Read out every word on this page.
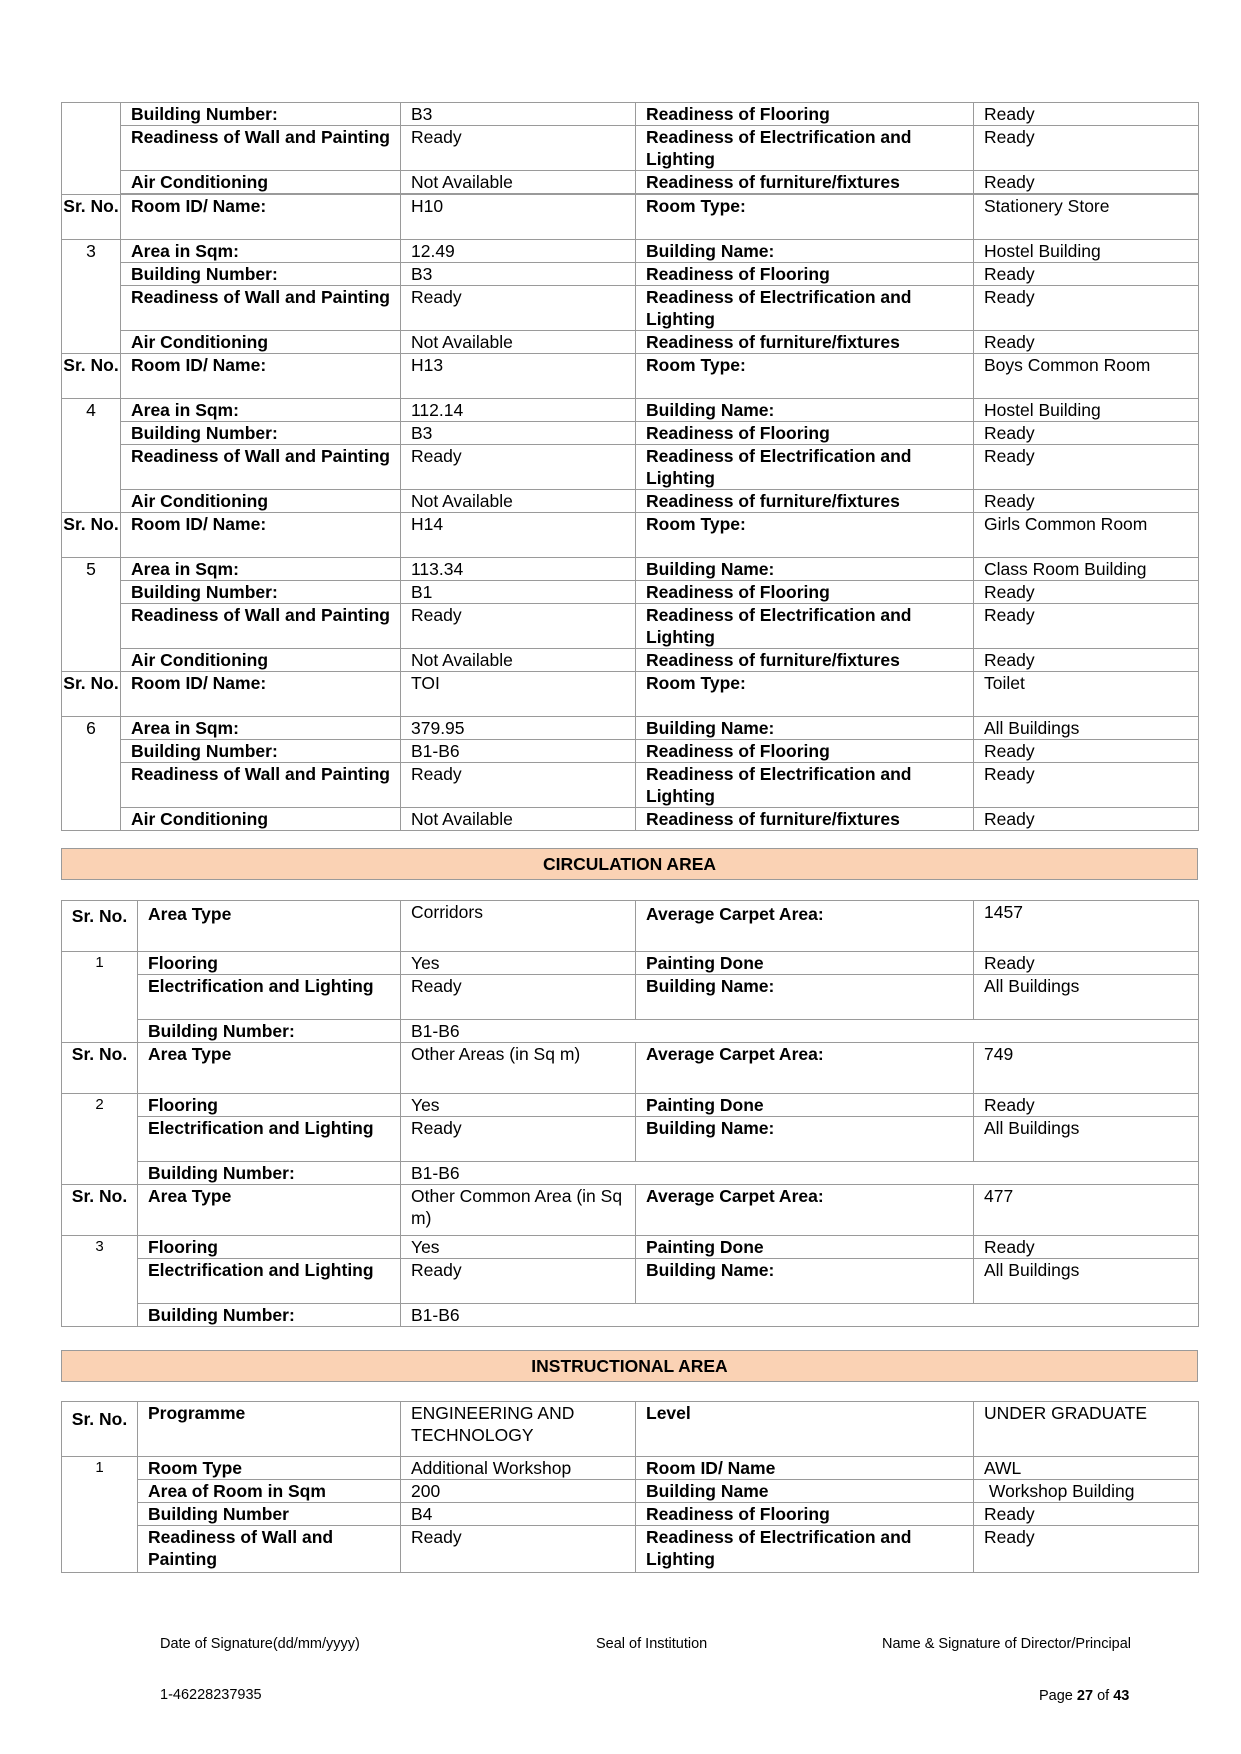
	Building Number:	B3	Readiness of Flooring	Ready
	Readiness of Wall and Painting	Ready	Readiness of Electrification and Lighting	Ready
	Air Conditioning	Not Available	Readiness of furniture/fixtures	Ready

Sr. No.	Room ID/ Name:	H10	Room Type:	Stationery Store
3	Area in Sqm:	12.49	Building Name:	Hostel Building
	Building Number:	B3	Readiness of Flooring	Ready
	Readiness of Wall and Painting	Ready	Readiness of Electrification and Lighting	Ready
	Air Conditioning	Not Available	Readiness of furniture/fixtures	Ready
Sr. No.	Room ID/ Name:	H13	Room Type:	Boys Common Room
4	Area in Sqm:	112.14	Building Name:	Hostel Building
	Building Number:	B3	Readiness of Flooring	Ready
	Readiness of Wall and Painting	Ready	Readiness of Electrification and Lighting	Ready
	Air Conditioning	Not Available	Readiness of furniture/fixtures	Ready
Sr. No.	Room ID/ Name:	H14	Room Type:	Girls Common Room
5	Area in Sqm:	113.34	Building Name:	Class Room Building
	Building Number:	B1	Readiness of Flooring	Ready
	Readiness of Wall and Painting	Ready	Readiness of Electrification and Lighting	Ready
	Air Conditioning	Not Available	Readiness of furniture/fixtures	Ready
Sr. No.	Room ID/ Name:	TOI	Room Type:	Toilet
6	Area in Sqm:	379.95	Building Name:	All Buildings
	Building Number:	B1-B6	Readiness of Flooring	Ready
	Readiness of Wall and Painting	Ready	Readiness of Electrification and Lighting	Ready
	Air Conditioning	Not Available	Readiness of furniture/fixtures	Ready
CIRCULATION AREA
Sr. No.	Area Type	Corridors	Average Carpet Area:	1457
1	Flooring	Yes	Painting Done	Ready
	Electrification and Lighting	Ready	Building Name:	All Buildings
	Building Number:	B1-B6		
Sr. No.	Area Type	Other Areas (in Sq m)	Average Carpet Area:	749
2	Flooring	Yes	Painting Done	Ready
	Electrification and Lighting	Ready	Building Name:	All Buildings
	Building Number:	B1-B6		
Sr. No.	Area Type	Other Common Area (in Sq m)	Average Carpet Area:	477
3	Flooring	Yes	Painting Done	Ready
	Electrification and Lighting	Ready	Building Name:	All Buildings
	Building Number:	B1-B6		
INSTRUCTIONAL AREA
Sr. No.	Programme	ENGINEERING AND TECHNOLOGY	Level	UNDER GRADUATE
1	Room Type	Additional Workshop	Room ID/ Name	AWL
	Area of Room in Sqm	200	Building Name	Workshop Building
	Building Number	B4	Readiness of Flooring	Ready
	Readiness of Wall and Painting	Ready	Readiness of Electrification and Lighting	Ready
Date of Signature(dd/mm/yyyy)	Seal of Institution	Name & Signature of Director/Principal
1-46228237935	Page 27 of 43
